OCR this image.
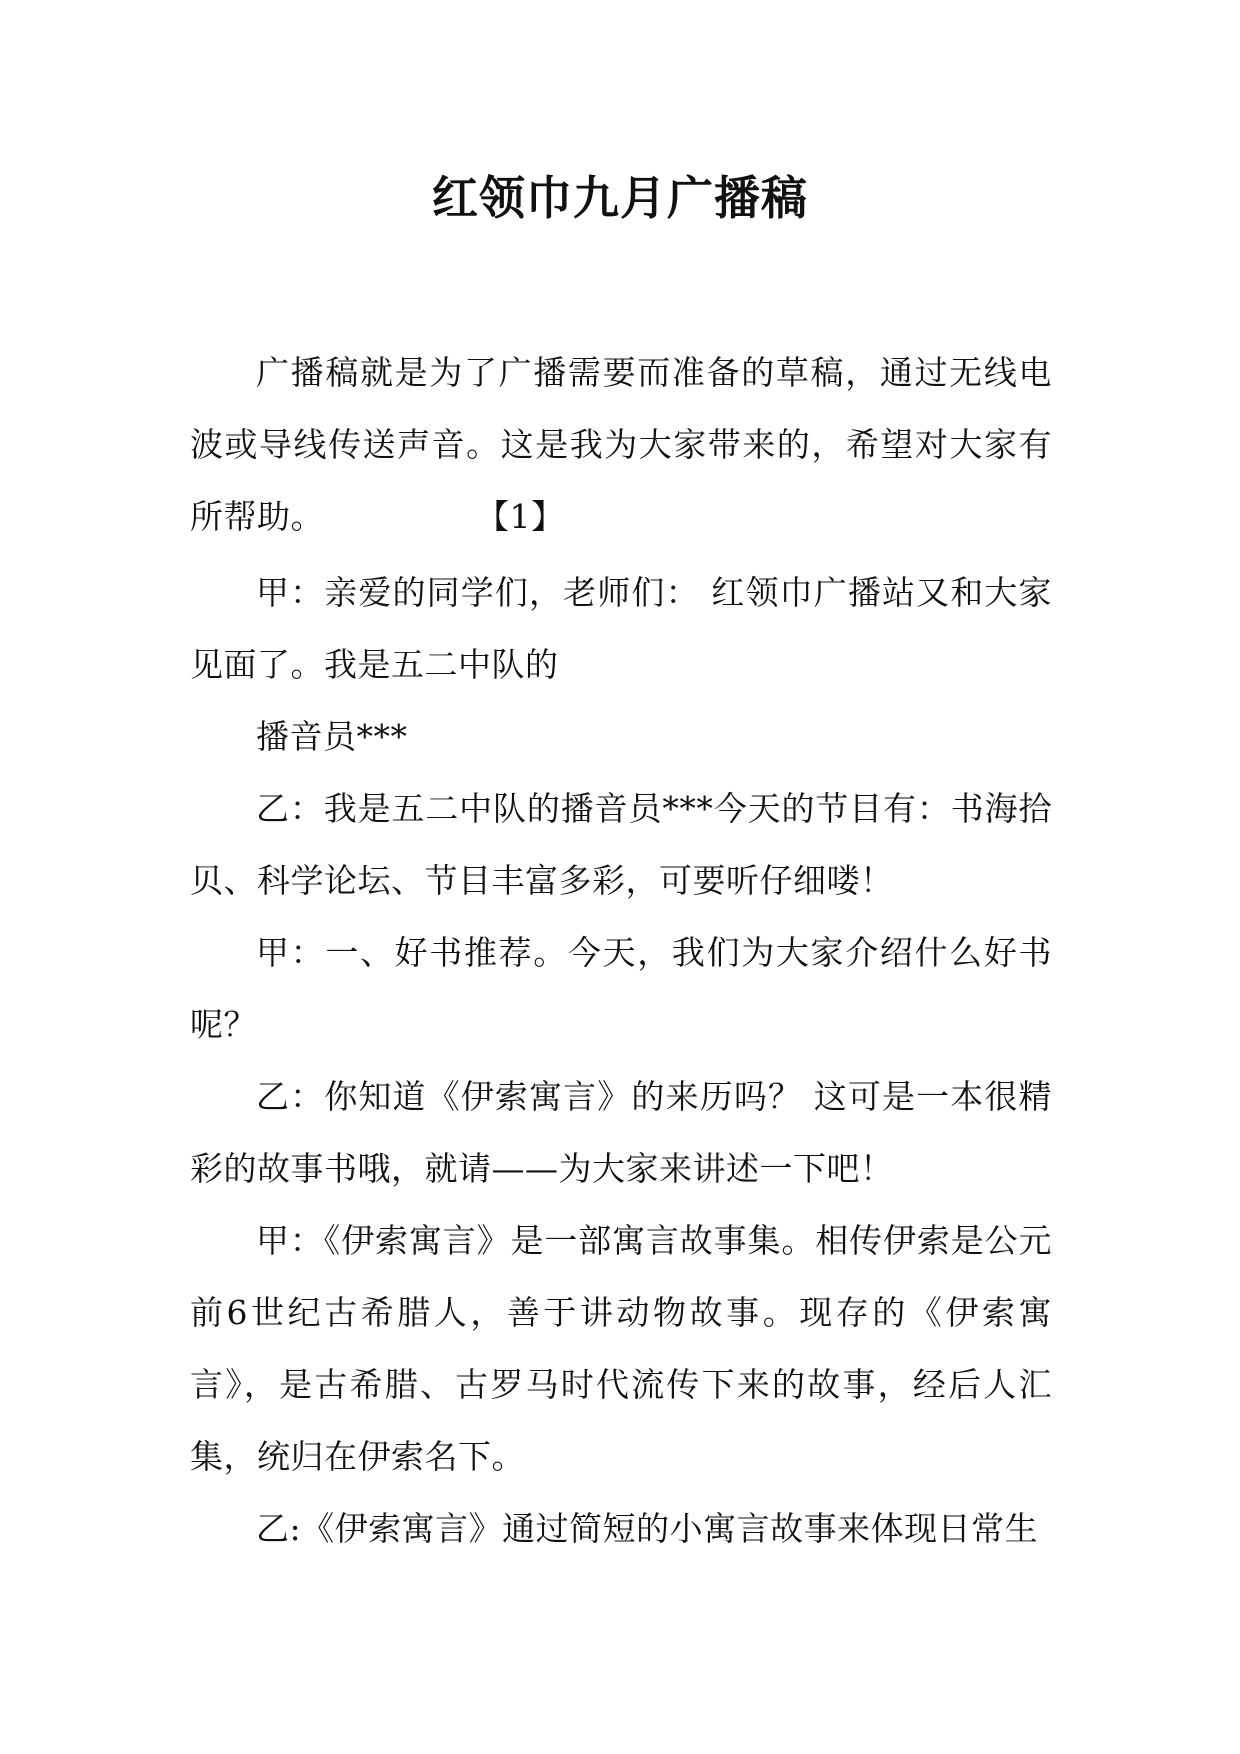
红领巾九月广播稿

广播稿就是为了广播需要而准备的草稿，通过无线电波或导线传送声音。这是我为大家带来的，希望对大家有所帮助。	【1】

甲：亲爱的同学们，老师们： 红领巾广播站又和大家见面了。我是五二中队的

播音员***

乙：我是五二中队的播音员***今天的节目有：书海拾贝、科学论坛、节目丰富多彩，可要听仔细喽！

甲：一、好书推荐。今天，我们为大家介绍什么好书呢？

乙：你知道《伊索寓言》的来历吗？ 这可是一本很精彩的故事书哦，就请——为大家来讲述一下吧！

甲：《伊索寓言》是一部寓言故事集。相传伊索是公元前6世纪古希腊人，善于讲动物故事。现存的《伊索寓言》，是古希腊、古罗马时代流传下来的故事，经后人汇集，统归在伊索名下。

乙:《伊索寓言》通过简短的小寓言故事来体现日常生
